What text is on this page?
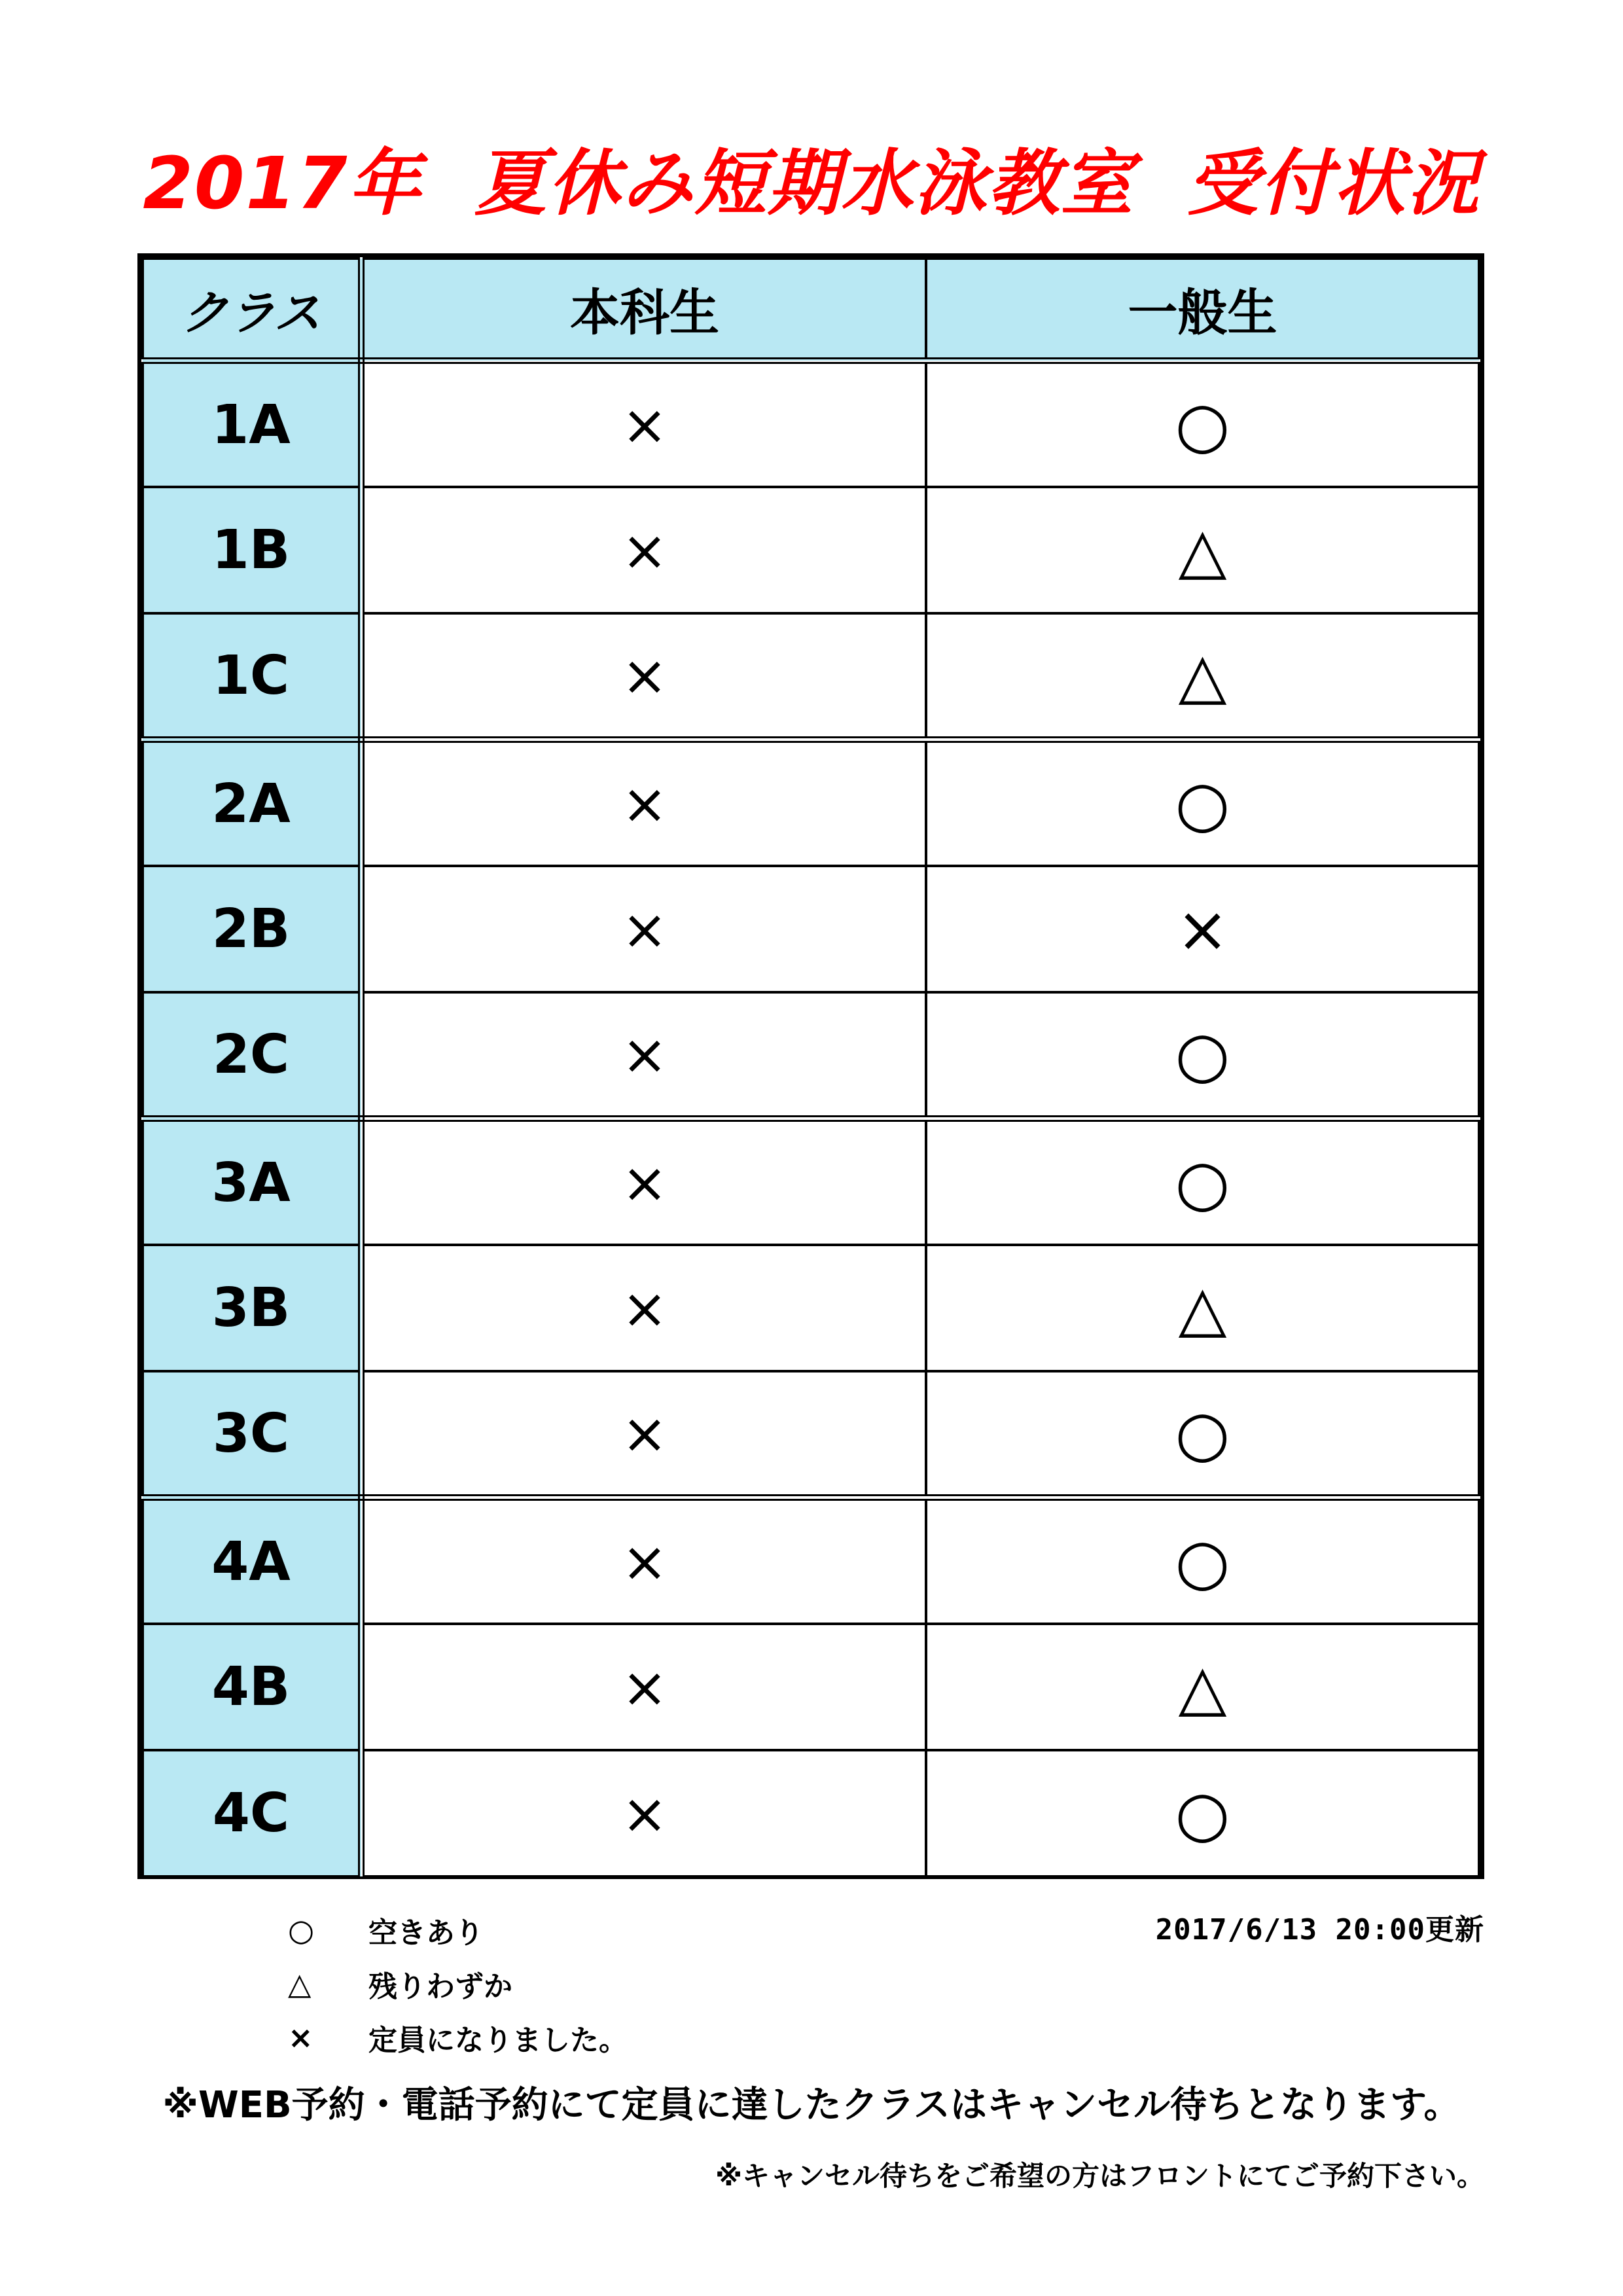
2017年  夏休み短期水泳教室  受付状況
クラス	本科生	一般生
1A	×	○
1B	×	△
1C	×	△
2A	×	○
2B	×	×
2C	×	○
3A	×	○
3B	×	△
3C	×	○
4A	×	○
4B	×	△
4C	×	○
○	空きあり
△	残りわずか
×	定員になりました。
2017/6/13 20:00更新
※WEB予約・電話予約にて定員に達したクラスはキャンセル待ちとなります。
※キャンセル待ちをご希望の方はフロントにてご予約下さい。
